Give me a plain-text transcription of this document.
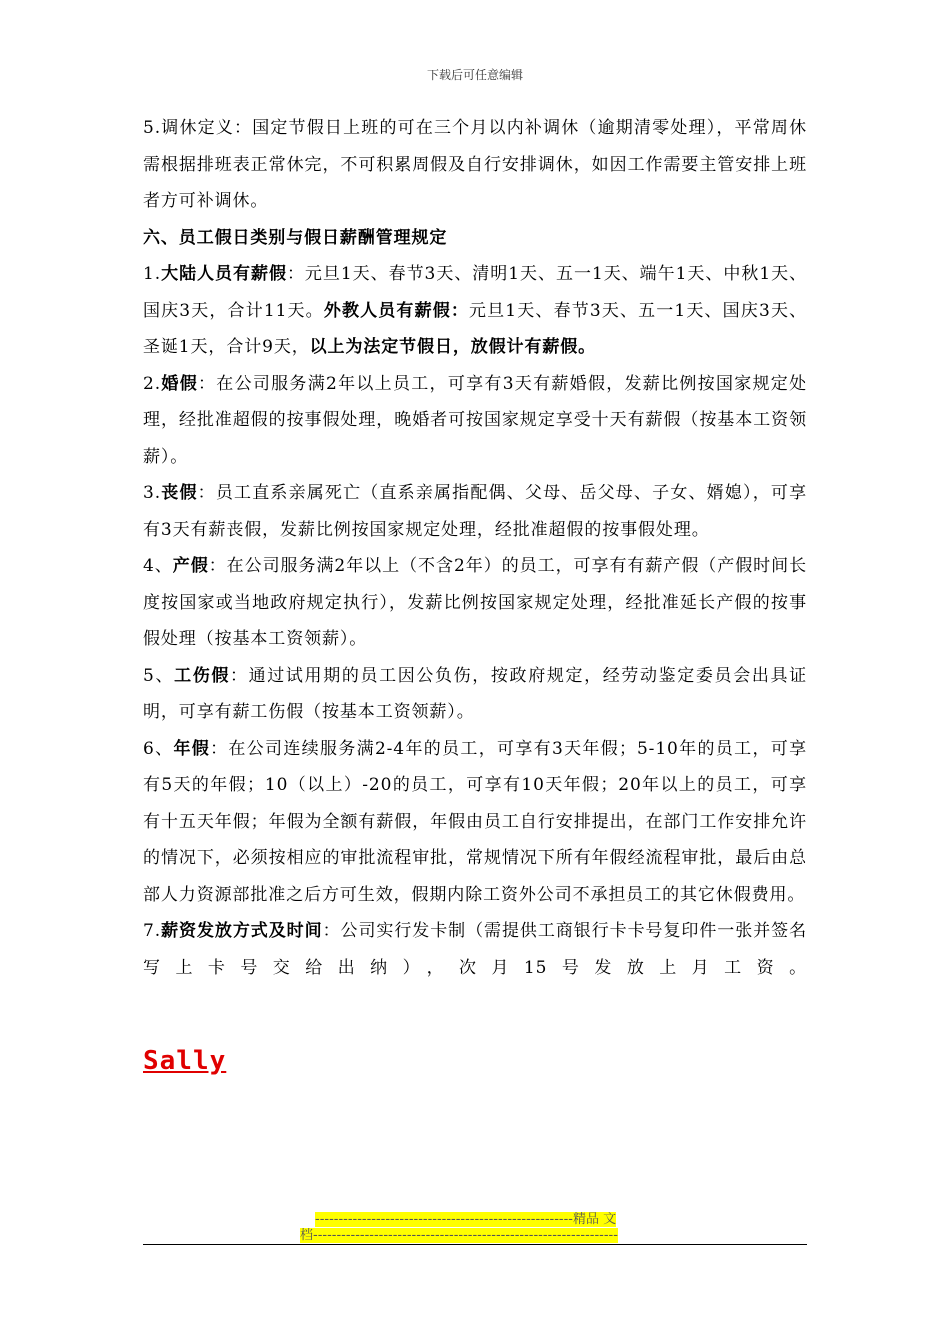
下载后可任意编辑

5.调休定义：国定节假日上班的可在三个月以内补调休（逾期清零处理），平常周休需根据排班表正常休完，不可积累周假及自行安排调休，如因工作需要主管安排上班者方可补调休。

六、员工假日类别与假日薪酬管理规定

1.大陆人员有薪假：元旦1天、春节3天、清明1天、五一1天、端午1天、中秋1天、国庆3天，合计11天。外教人员有薪假：元旦1天、春节3天、五一1天、国庆3天、圣诞1天，合计9天，以上为法定节假日，放假计有薪假。

2.婚假：在公司服务满2年以上员工，可享有3天有薪婚假，发薪比例按国家规定处理，经批准超假的按事假处理，晚婚者可按国家规定享受十天有薪假（按基本工资领薪）。

3.丧假：员工直系亲属死亡（直系亲属指配偶、父母、岳父母、子女、婿媳），可享有3天有薪丧假，发薪比例按国家规定处理，经批准超假的按事假处理。

4、产假：在公司服务满2年以上（不含2年）的员工，可享有有薪产假（产假时间长度按国家或当地政府规定执行），发薪比例按国家规定处理，经批准延长产假的按事假处理（按基本工资领薪）。

5、工伤假：通过试用期的员工因公负伤，按政府规定，经劳动鉴定委员会出具证明，可享有薪工伤假（按基本工资领薪）。

6、年假：在公司连续服务满2-4年的员工，可享有3天年假；5-10年的员工，可享有5天的年假；10（以上）-20的员工，可享有10天年假；20年以上的员工，可享有十五天年假；年假为全额有薪假，年假由员工自行安排提出，在部门工作安排允许的情况下，必须按相应的审批流程审批，常规情况下所有年假经流程审批，最后由总部人力资源部批准之后方可生效，假期内除工资外公司不承担员工的其它休假费用。

7.薪资发放方式及时间：公司实行发卡制（需提供工商银行卡卡号复印件一张并签名写上卡号交给出纳），次月15号发放上月工资。

Sally
-------------------------------------------------------精品 文
档-----------------------------------------------------------------
